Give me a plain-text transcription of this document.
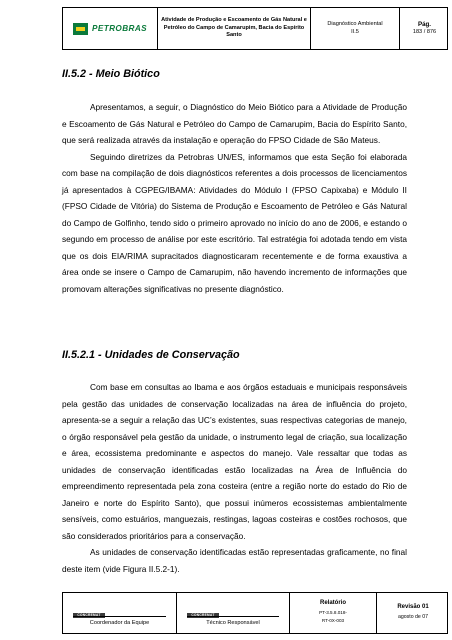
PETROBRAS
Atividade de Produção e Escoamento de Gás Natural e
Petróleo do Campo de Camarupim, Bacia do Espírito
Santo
Diagnóstico Ambiental
II.5
Pág.
183 / 876
II.5.2 - Meio Biótico

Apresentamos, a seguir, o Diagnóstico do Meio Biótico para a Atividade de Produção e Escoamento de Gás Natural e Petróleo do Campo de Camarupim, Bacia do Espírito Santo, que será realizada através da instalação e operação do FPSO Cidade de São Mateus.

Seguindo diretrizes da Petrobras UN/ES, informamos que esta Seção foi elaborada com base na compilação de dois diagnósticos referentes a dois processos de licenciamentos já apresentados à CGPEG/IBAMA: Atividades do Módulo I (FPSO Capixaba) e Módulo II (FPSO Cidade de Vitória) do Sistema de Produção e Escoamento de Petróleo e Gás Natural do Campo de Golfinho, tendo sido o primeiro aprovado no início do ano de 2006, e estando o segundo em processo de análise por este escritório. Tal estratégia foi adotada tendo em vista que os dois EIA/RIMA supracitados diagnosticaram recentemente e de forma exaustiva a área onde se insere o Campo de Camarupim, não havendo incremento de informações que promovam alterações significativas no presente diagnóstico.

II.5.2.1 - Unidades de Conservação

Com base em consultas ao Ibama e aos órgãos estaduais e municipais responsáveis pela gestão das unidades de conservação localizadas na área de influência do projeto, apresenta-se a seguir a relação das UC’s existentes, suas respectivas categorias de manejo, o órgão responsável pela gestão da unidade, o instrumento legal de criação, sua localização e área, ecossistema predominante e aspectos do manejo. Vale ressaltar que todas as unidades de conservação identificadas estão localizadas na Área de Influência do empreendimento representada pela zona costeira (entre a região norte do estado do Rio de Janeiro e norte do Espírito Santo), que possui inúmeros ecossistemas ambientalmente sensíveis, como estuários, manguezais, restingas, lagoas costeiras e costões rochosos, que são considerados prioritários para a conservação.

As unidades de conservação identificadas estão representadas graficamente, no final deste item (vide Figura II.5.2-1).

CONCREMAT
Coordenador da Equipe
CONCREMAT
Técnico Responsável
Relatório
PT-3.5.8.018-
RT-0X-003
Revisão 01
agosto de 07
